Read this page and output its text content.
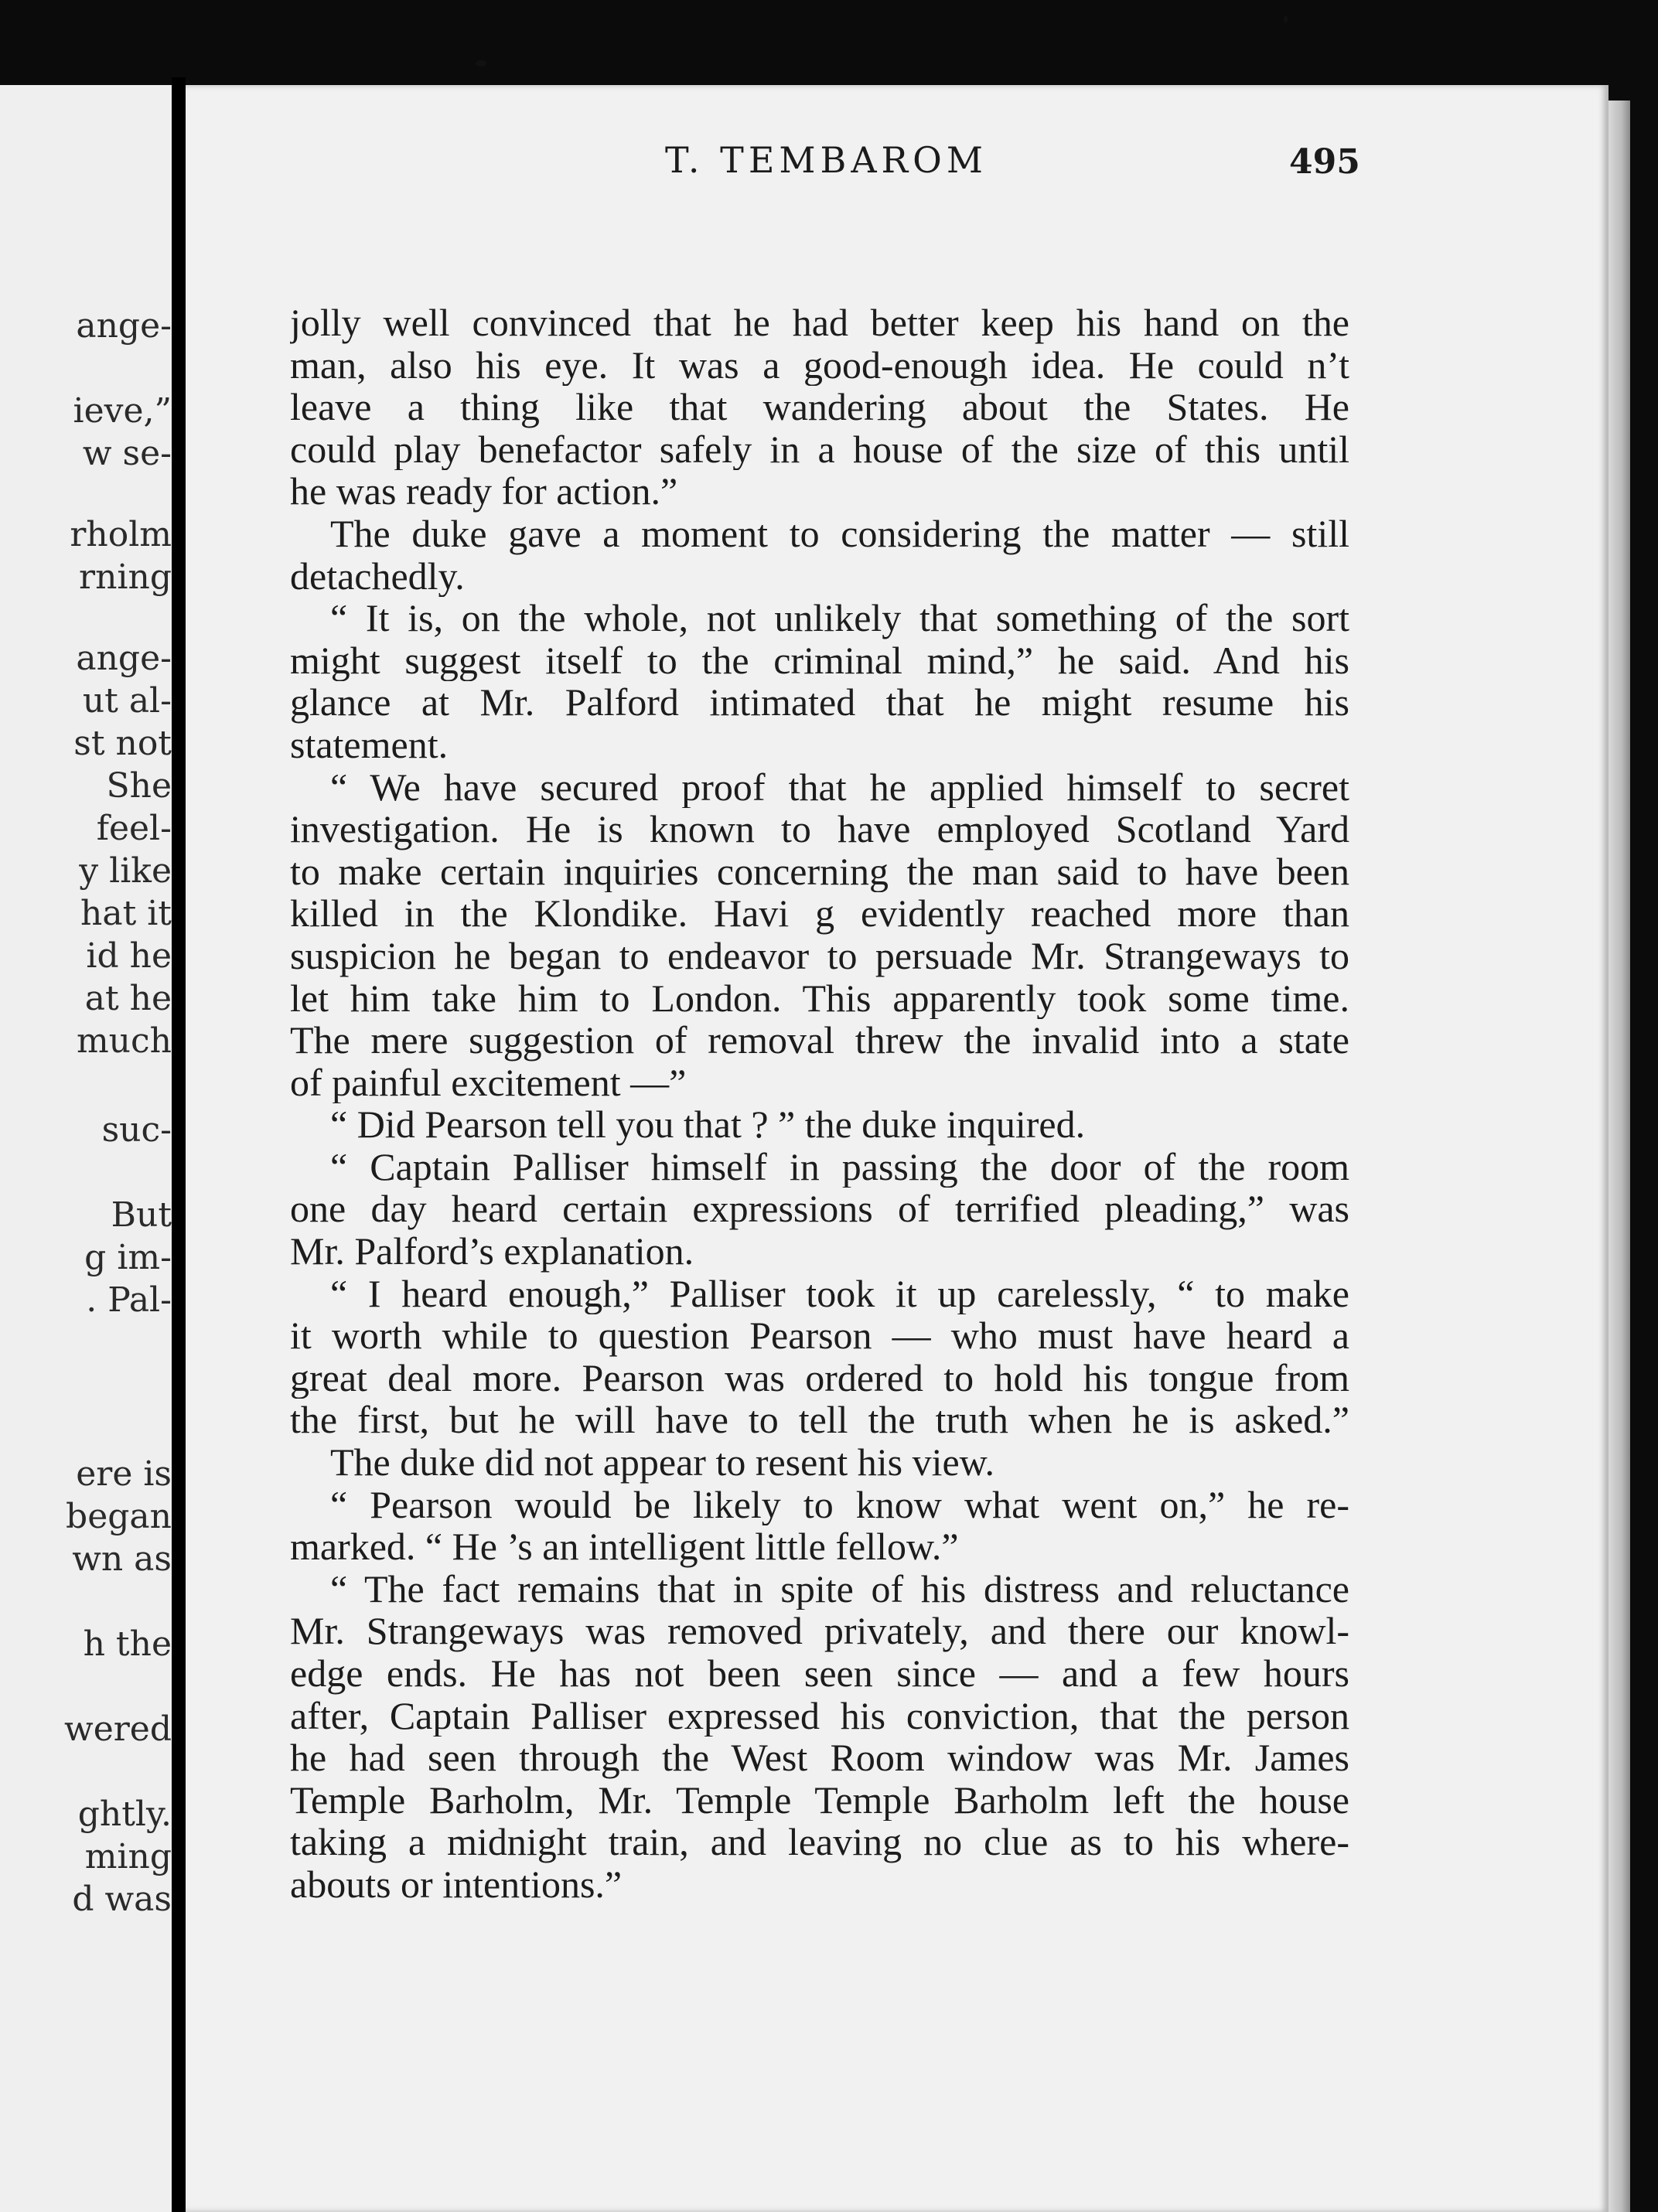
ange-
ieve,”
w se-
rholm
rning
ange-
ut al-
st not
She
feel-
y like
hat it
id he
at he
much
suc-
But
g im-
. Pal-
ere is
began
wn as
h the
wered
ghtly.
ming
d was
T. TEMBAROM	495
jolly well convinced that he had better keep his hand on the
man, also his eye. It was a good-enough idea. He could n’t
leave a thing like that wandering about the States. He
could play benefactor safely in a house of the size of this until
he was ready for action.”
The duke gave a moment to considering the matter — still
detachedly.
“ It is, on the whole, not unlikely that something of the sort
might suggest itself to the criminal mind,” he said. And his
glance at Mr. Palford intimated that he might resume his
statement.
“ We have secured proof that he applied himself to secret
investigation. He is known to have employed Scotland Yard
to make certain inquiries concerning the man said to have been
killed in the Klondike. Havi g evidently reached more than
suspicion he began to endeavor to persuade Mr. Strangeways to
let him take him to London. This apparently took some time.
The mere suggestion of removal threw the invalid into a state
of painful excitement —”
“ Did Pearson tell you that ? ” the duke inquired.
“ Captain Palliser himself in passing the door of the room
one day heard certain expressions of terrified pleading,” was
Mr. Palford’s explanation.
“ I heard enough,” Palliser took it up carelessly, “ to make
it worth while to question Pearson — who must have heard a
great deal more. Pearson was ordered to hold his tongue from
the first, but he will have to tell the truth when he is asked.”
The duke did not appear to resent his view.
“ Pearson would be likely to know what went on,” he re-
marked. “ He ’s an intelligent little fellow.”
“ The fact remains that in spite of his distress and reluctance
Mr. Strangeways was removed privately, and there our knowl-
edge ends. He has not been seen since — and a few hours
after, Captain Palliser expressed his conviction, that the person
he had seen through the West Room window was Mr. James
Temple Barholm, Mr. Temple Temple Barholm left the house
taking a midnight train, and leaving no clue as to his where-
abouts or intentions.”
